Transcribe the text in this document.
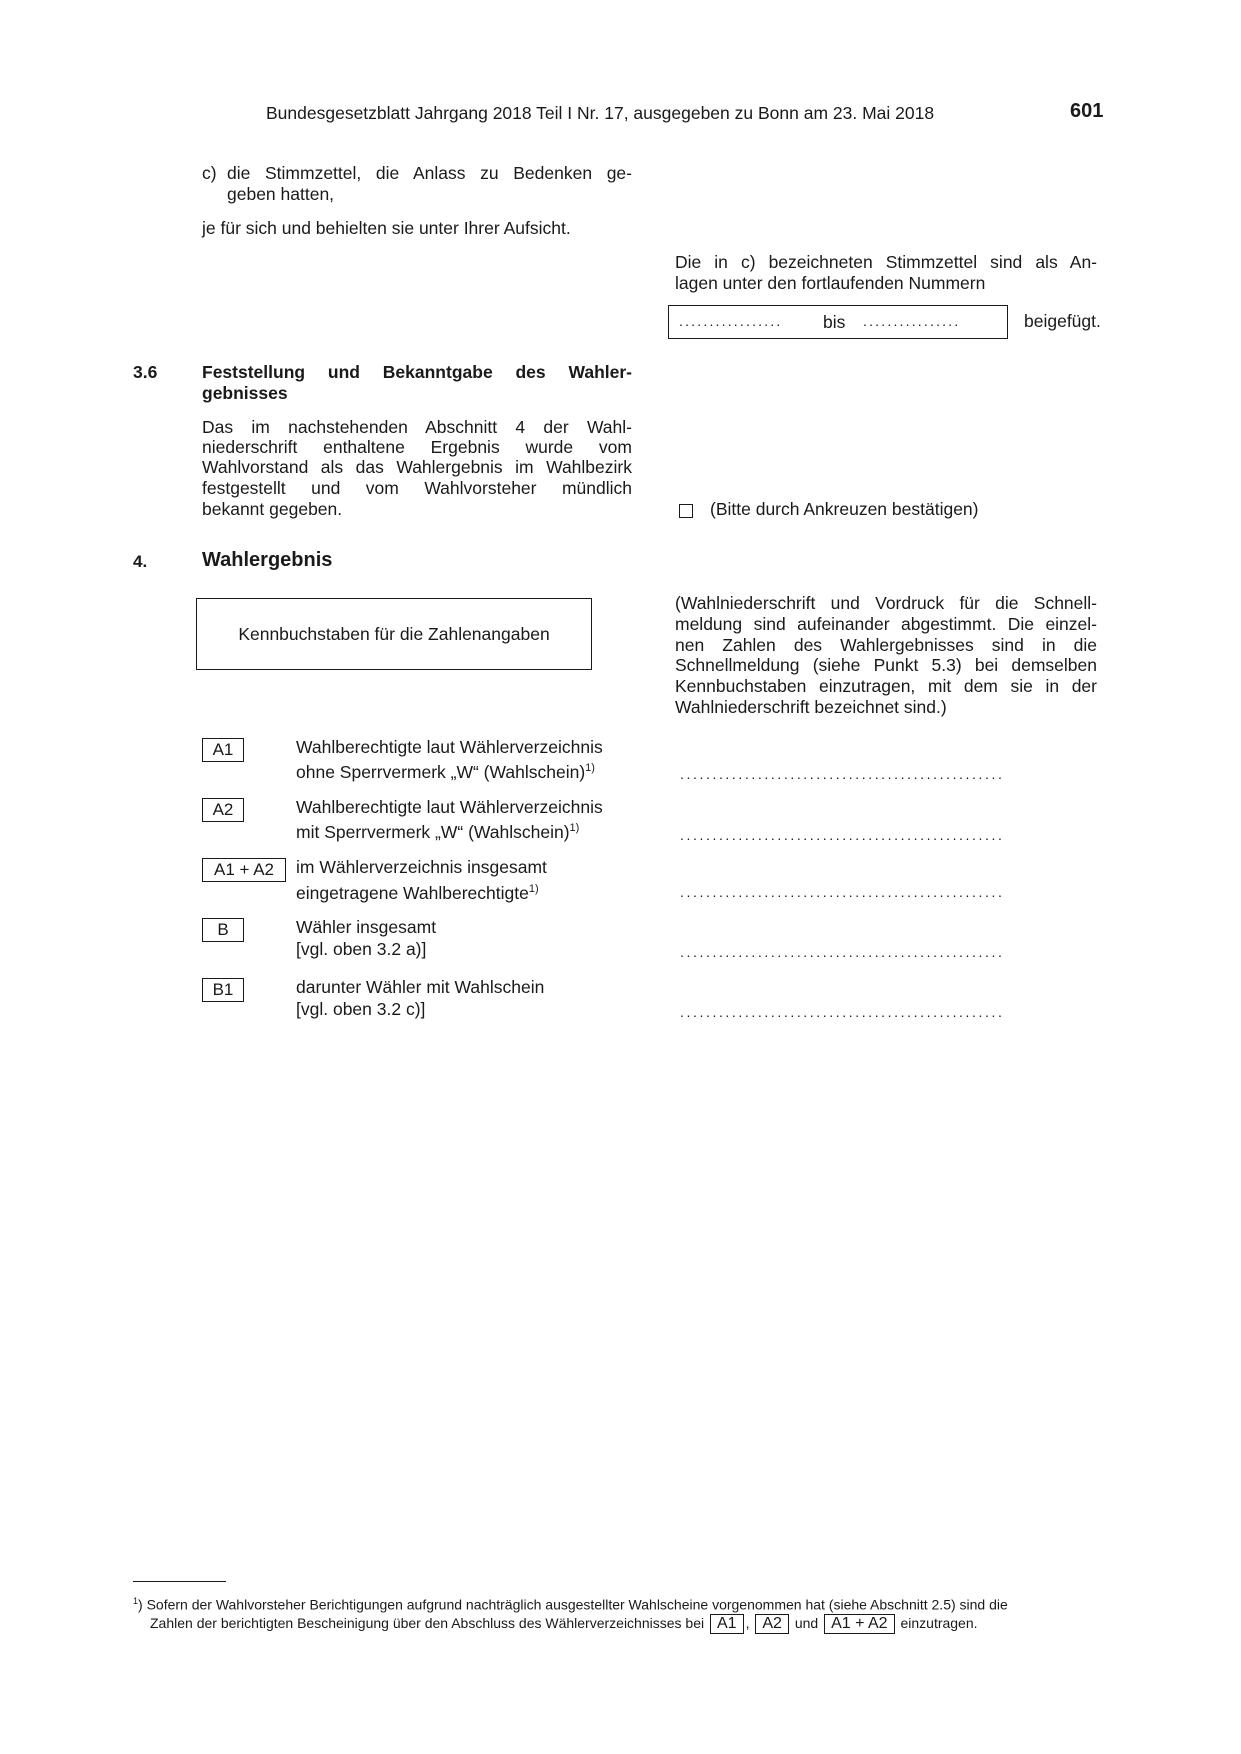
Bundesgesetzblatt Jahrgang 2018 Teil I Nr. 17, ausgegeben zu Bonn am 23. Mai 2018	601
c) die Stimmzettel, die Anlass zu Bedenken ge-
geben hatten,
je für sich und behielten sie unter Ihrer Aufsicht.
Die in c) bezeichneten Stimmzettel sind als An-
lagen unter den fortlaufenden Nummern
................. bis ................	beigefügt.
3.6	Feststellung und Bekanntgabe des Wahler-
gebnisses
Das im nachstehenden Abschnitt 4 der Wahl-
niederschrift enthaltene Ergebnis wurde vom
Wahlvorstand als das Wahlergebnis im Wahlbezirk
festgestellt und vom Wahlvorsteher mündlich
bekannt gegeben.	(Bitte durch Ankreuzen bestätigen)
4.	Wahlergebnis
Kennbuchstaben für die Zahlenangaben
(Wahlniederschrift und Vordruck für die Schnell-
meldung sind aufeinander abgestimmt. Die einzel-
nen Zahlen des Wahlergebnisses sind in die
Schnellmeldung (siehe Punkt 5.3) bei demselben
Kennbuchstaben einzutragen, mit dem sie in der
Wahlniederschrift bezeichnet sind.)
A1	Wahlberechtigte laut Wählerverzeichnis
ohne Sperrvermerk „W“ (Wahlschein)$^{1)}$	..................................................
A2	Wahlberechtigte laut Wählerverzeichnis
mit Sperrvermerk „W“ (Wahlschein)$^{1)}$	..................................................
A1 + A2	im Wählerverzeichnis insgesamt
eingetragene Wahlberechtigte$^{1)}$	..................................................
B	Wähler insgesamt
[vgl. oben 3.2 a)]	..................................................
B1	darunter Wähler mit Wahlschein
[vgl. oben 3.2 c)]	..................................................
$^1$) Sofern der Wahlvorsteher Berichtigungen aufgrund nachträglich ausgestellter Wahlscheine vorgenommen hat (siehe Abschnitt 2.5) sind die
Zahlen der berichtigten Bescheinigung über den Abschluss des Wählerverzeichnisses bei A1 , A2 und A1 + A2 einzutragen.
